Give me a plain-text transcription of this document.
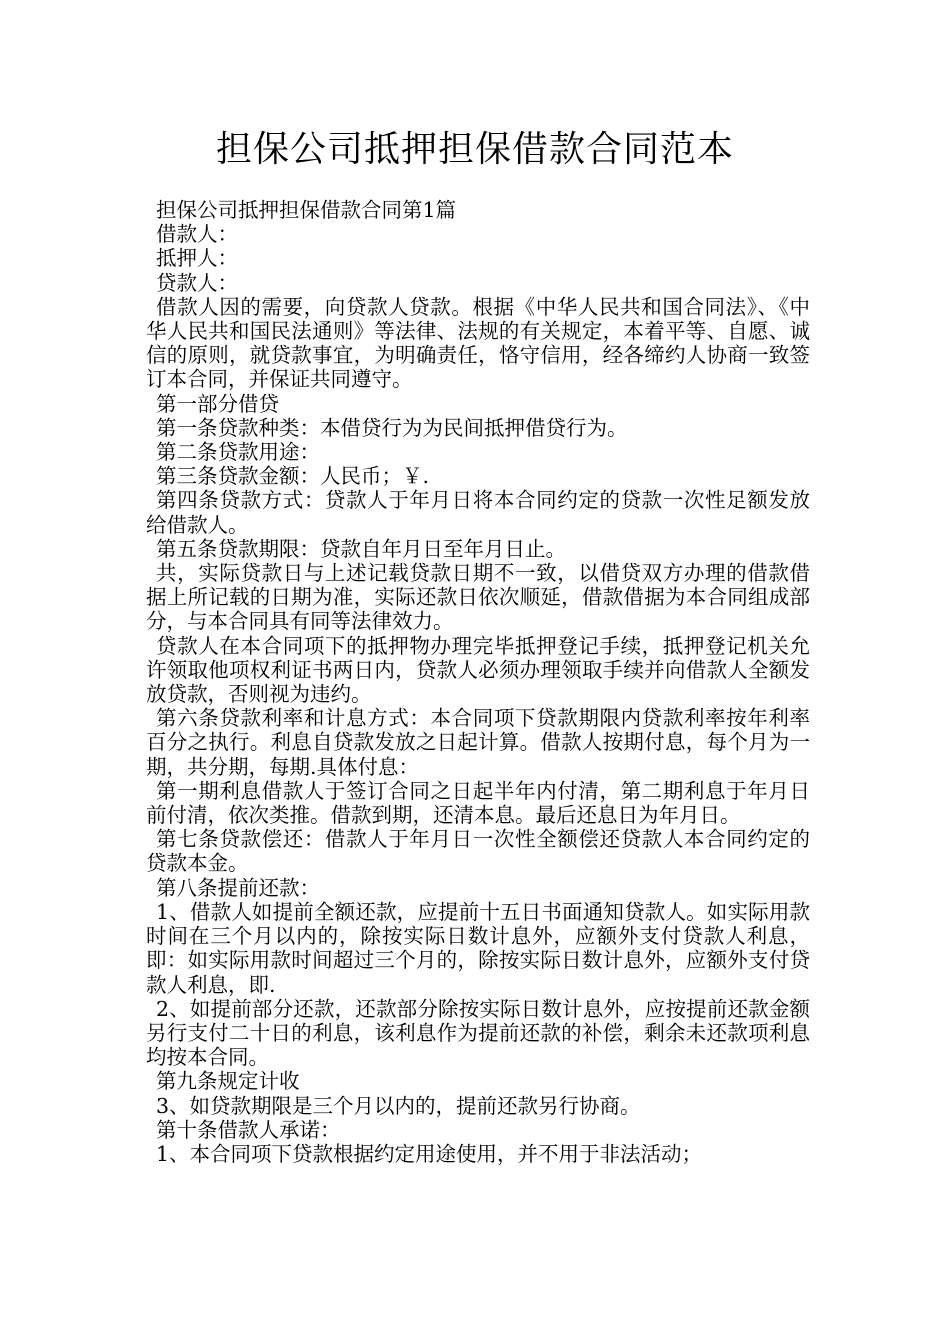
担保公司抵押担保借款合同范本

担保公司抵押担保借款合同第1篇

借款人：

抵押人：

贷款人：

借款人因的需要，向贷款人贷款。根据《中华人民共和国合同法》、《中华人民共和国民法通则》等法律、法规的有关规定，本着平等、自愿、诚信的原则，就贷款事宜，为明确责任，恪守信用，经各缔约人协商一致签订本合同，并保证共同遵守。

第一部分借贷

第一条贷款种类：本借贷行为为民间抵押借贷行为。

第二条贷款用途：

第三条贷款金额：人民币；￥.

第四条贷款方式：贷款人于年月日将本合同约定的贷款一次性足额发放给借款人。

第五条贷款期限：贷款自年月日至年月日止。

共，实际贷款日与上述记载贷款日期不一致，以借贷双方办理的借款借据上所记载的日期为准，实际还款日依次顺延，借款借据为本合同组成部分，与本合同具有同等法律效力。

贷款人在本合同项下的抵押物办理完毕抵押登记手续，抵押登记机关允许领取他项权利证书两日内，贷款人必须办理领取手续并向借款人全额发放贷款，否则视为违约。

第六条贷款利率和计息方式：本合同项下贷款期限内贷款利率按年利率百分之执行。利息自贷款发放之日起计算。借款人按期付息，每个月为一期，共分期，每期.具体付息：

第一期利息借款人于签订合同之日起半年内付清，第二期利息于年月日前付清，依次类推。借款到期，还清本息。最后还息日为年月日。

第七条贷款偿还：借款人于年月日一次性全额偿还贷款人本合同约定的贷款本金。

第八条提前还款：

1、借款人如提前全额还款，应提前十五日书面通知贷款人。如实际用款时间在三个月以内的，除按实际日数计息外，应额外支付贷款人利息，即：如实际用款时间超过三个月的，除按实际日数计息外，应额外支付贷款人利息，即.

2、如提前部分还款，还款部分除按实际日数计息外，应按提前还款金额另行支付二十日的利息，该利息作为提前还款的补偿，剩余未还款项利息均按本合同。

第九条规定计收

3、如贷款期限是三个月以内的，提前还款另行协商。

第十条借款人承诺：

1、本合同项下贷款根据约定用途使用，并不用于非法活动；
